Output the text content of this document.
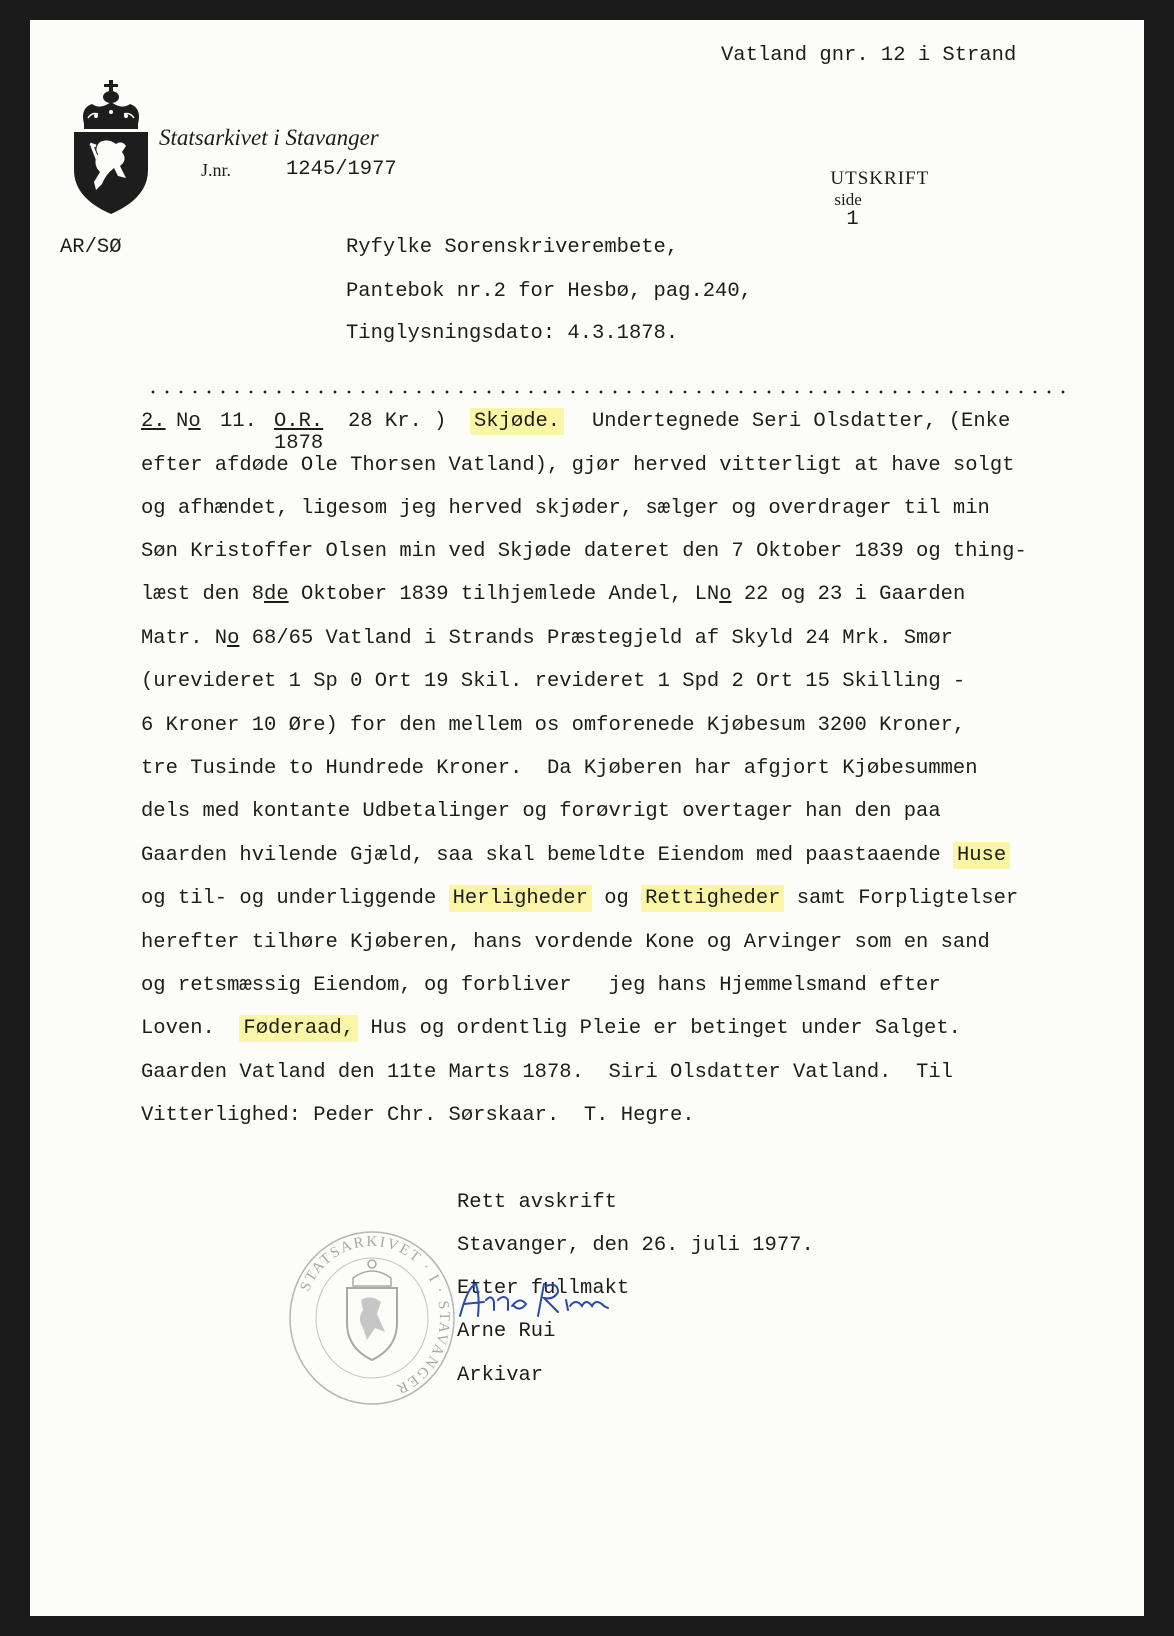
Vatland gnr. 12 i Strand
Statsarkivet i Stavanger
J.nr.	1245/1977	UTSKRIFT
side
1

AR/SØ	Ryfylke Sorenskriverembete,
Pantebok nr.2 for Hesbø, pag.240,
Tinglysningsdato: 4.3.1878.
2. No 11. O.R.
1878
28 Kr. ) Skjøde. Undertegnede Seri Olsdatter, (Enke
efter afdøde Ole Thorsen Vatland), gjør herved vitterligt at have solgt
og afhændet, ligesom jeg herved skjøder, sælger og overdrager til min
Søn Kristoffer Olsen min ved Skjøde dateret den 7 Oktober 1839 og thing-
læst den 8de Oktober 1839 tilhjemlede Andel, LNo 22 og 23 i Gaarden
Matr. No 68/65 Vatland i Strands Præstegjeld af Skyld 24 Mrk. Smør
(urevideret 1 Sp 0 Ort 19 Skil. revideret 1 Spd 2 Ort 15 Skilling -
6 Kroner 10 Øre) for den mellem os omforenede Kjøbesum 3200 Kroner,
tre Tusinde to Hundrede Kroner.  Da Kjøberen har afgjort Kjøbesummen
dels med kontante Udbetalinger og forøvrigt overtager han den paa
Gaarden hvilende Gjæld, saa skal bemeldte Eiendom med paastaaende Huse
og til- og underliggende Herligheder og Rettigheder samt Forpligtelser
herefter tilhøre Kjøberen, hans vordende Kone og Arvinger som en sand
og retsmæssig Eiendom, og forbliver   jeg hans Hjemmelsmand efter
Loven.  Føderaad, Hus og ordentlig Pleie er betinget under Salget.
Gaarden Vatland den 11te Marts 1878.  Siri Olsdatter Vatland.  Til
Vitterlighed: Peder Chr. Sørskaar.  T. Hegre.
STATSARKIVET · I · STAVANGER
Rett avskrift
Stavanger, den 26. juli 1977.
Etter fullmakt
Arne Rui
Arkivar
